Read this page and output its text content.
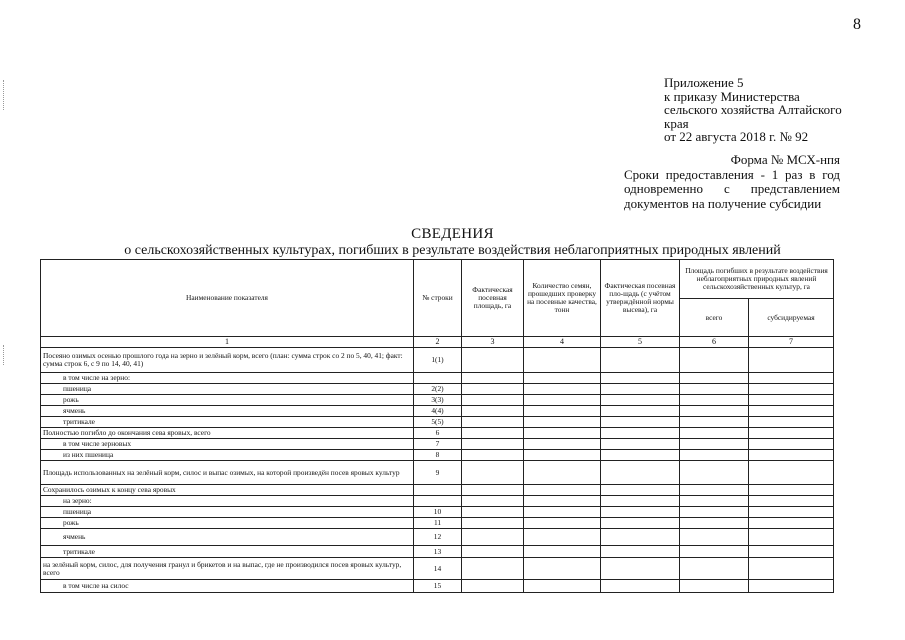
8
Приложение 5
к приказу Министерства
сельского хозяйства Алтайского
края
от 22 августа 2018 г. № 92
Форма № МСХ-нпя
Сроки предоставления - 1 раз в год одновременно с представлением документов на получение субсидии
СВЕДЕНИЯ
о сельскохозяйственных культурах, погибших в результате воздействия неблагоприятных природных явлений
Наименование показателя	№ строки	Фактическая посевная площадь, га	Количество семян, прошедших проверку на посевные качества, тонн	Фактическая посевная пло-щадь (с учётом утверждённой нормы высева), га	Площадь погибших в результате воздействия неблагоприятных природных явлений сельскохозяйственных культур, га	
					всего	субсидируемая
1	2	3	4	5	6	7
Посеяно озимых осенью прошлого года на зерно и зелёный корм, всего (план: сумма строк со 2 по 5, 40, 41; факт: сумма строк 6, с 9 по 14, 40, 41)	1(1)					
в том числе на зерно:						
пшеница	2(2)					
рожь	3(3)					
ячмень	4(4)					
тритикале	5(5)					
Полностью погибло до окончания сева яровых, всего	6					
в том числе зерновых	7					
из них пшеница	8					
Площадь использованных на зелёный корм, силос и выпас озимых, на которой произведён посев яровых культур	9					
Сохранилось озимых к концу сева яровых						
на зерно:						
пшеница	10					
рожь	11					
ячмень	12					
тритикале	13					
на зелёный корм, силос, для получения гранул и брикетов и на выпас, где не производился посев яровых культур, всего	14					
в том числе на силос	15					
